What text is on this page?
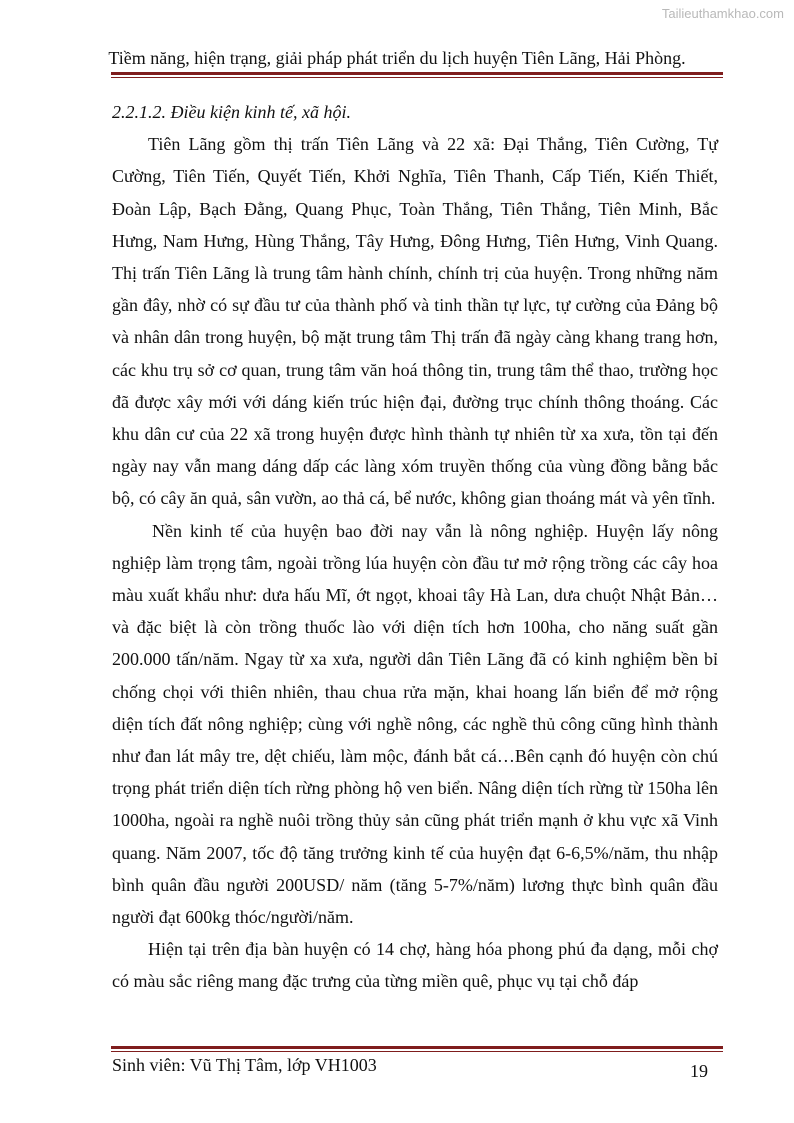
Tailieuthamkhao.com
Tiềm năng, hiện trạng, giải pháp phát triển du lịch huyện Tiên Lãng, Hải Phòng.

2.2.1.2. Điều kiện kinh tế, xã hội.

Tiên Lãng gồm thị trấn Tiên Lãng và 22 xã: Đại Thắng, Tiên Cường, Tự Cường, Tiên Tiến, Quyết Tiến, Khởi Nghĩa, Tiên Thanh, Cấp Tiến, Kiến Thiết, Đoàn Lập, Bạch Đằng, Quang Phục, Toàn Thắng, Tiên Thắng, Tiên Minh, Bắc Hưng, Nam Hưng, Hùng Thắng, Tây Hưng, Đông Hưng, Tiên Hưng, Vinh Quang. Thị trấn Tiên Lãng là trung tâm hành chính, chính trị của huyện. Trong những năm gần đây, nhờ có sự đầu tư của thành phố và tinh thần tự lực, tự cường của Đảng bộ và nhân dân trong huyện, bộ mặt trung tâm Thị trấn đã ngày càng khang trang hơn, các khu trụ sở cơ quan, trung tâm văn hoá thông tin, trung tâm thể thao, trường học đã được xây mới với dáng kiến trúc hiện đại, đường trục chính thông thoáng. Các khu dân cư của 22 xã trong huyện được hình thành tự nhiên từ xa xưa, tồn tại đến ngày nay vẫn mang dáng dấp các làng xóm truyền thống của vùng đồng bằng bắc bộ, có cây ăn quả, sân vườn, ao thả cá, bể nước, không gian thoáng mát và yên tĩnh.

Nền kinh tế của huyện bao đời nay vẫn là nông nghiệp. Huyện lấy nông nghiệp làm trọng tâm, ngoài trồng lúa huyện còn đầu tư mở rộng trồng các cây hoa màu xuất khẩu như: dưa hấu Mĩ, ớt ngọt, khoai tây Hà Lan, dưa chuột Nhật Bản…và đặc biệt là còn trồng thuốc lào với diện tích hơn 100ha, cho năng suất gần 200.000 tấn/năm. Ngay từ xa xưa, người dân Tiên Lãng đã có kinh nghiệm bền bỉ chống chọi với thiên nhiên, thau chua rửa mặn, khai hoang lấn biển để mở rộng diện tích đất nông nghiệp; cùng với nghề nông, các nghề thủ công cũng hình thành như đan lát mây tre, dệt chiếu, làm mộc, đánh bắt cá…Bên cạnh đó huyện còn chú trọng phát triển diện tích rừng phòng hộ ven biển. Nâng diện tích rừng từ 150ha lên 1000ha, ngoài ra nghề nuôi trồng thủy sản cũng phát triển mạnh ở khu vực xã Vinh quang. Năm 2007, tốc độ tăng trưởng kinh tế của huyện đạt 6-6,5%/năm, thu nhập bình quân đầu người 200USD/ năm (tăng 5-7%/năm) lương thực bình quân đầu người đạt 600kg thóc/người/năm.

Hiện tại trên địa bàn huyện có 14 chợ, hàng hóa phong phú đa dạng, mỗi chợ có màu sắc riêng mang đặc trưng của từng miền quê, phục vụ tại chỗ đáp

Sinh viên: Vũ Thị Tâm, lớp VH1003	19
